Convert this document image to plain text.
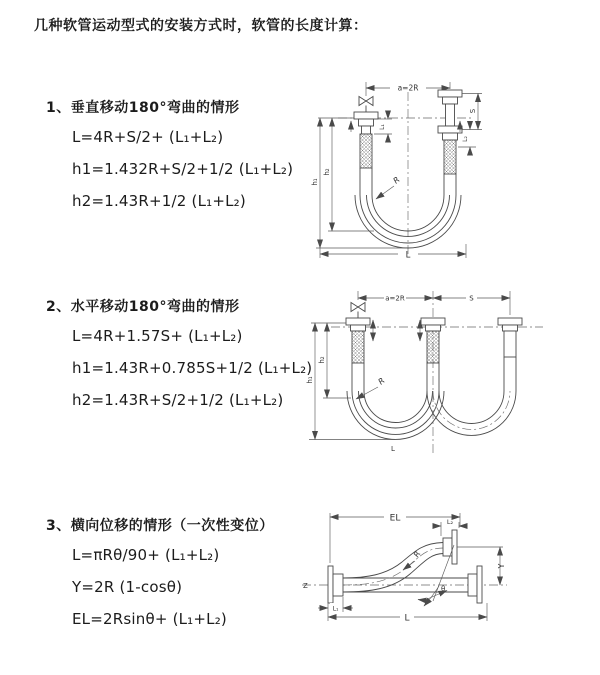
几种软管运动型式的安装方式时，软管的长度计算：
1、垂直移动180°弯曲的情形
L=4R+S/2+ (L₁+L₂)
h1=1.432R+S/2+1/2 (L₁+L₂)
h2=1.43R+1/2 (L₁+L₂)
2、水平移动180°弯曲的情形
L=4R+1.57S+ (L₁+L₂)
h1=1.43R+0.785S+1/2 (L₁+L₂)
h2=1.43R+S/2+1/2 (L₁+L₂)
3、横向位移的情形（一次性变位）
L=πRθ/90+ (L₁+L₂)
Y=2R (1-cosθ)
EL=2Rsinθ+ (L₁+L₂)
a=2R
R
h₁
h₂
L₁
S
L₂
L
a=2R	S
R
h₁
h₂
L
Z
EL	L₂
Y
R
θ
L
L₁
